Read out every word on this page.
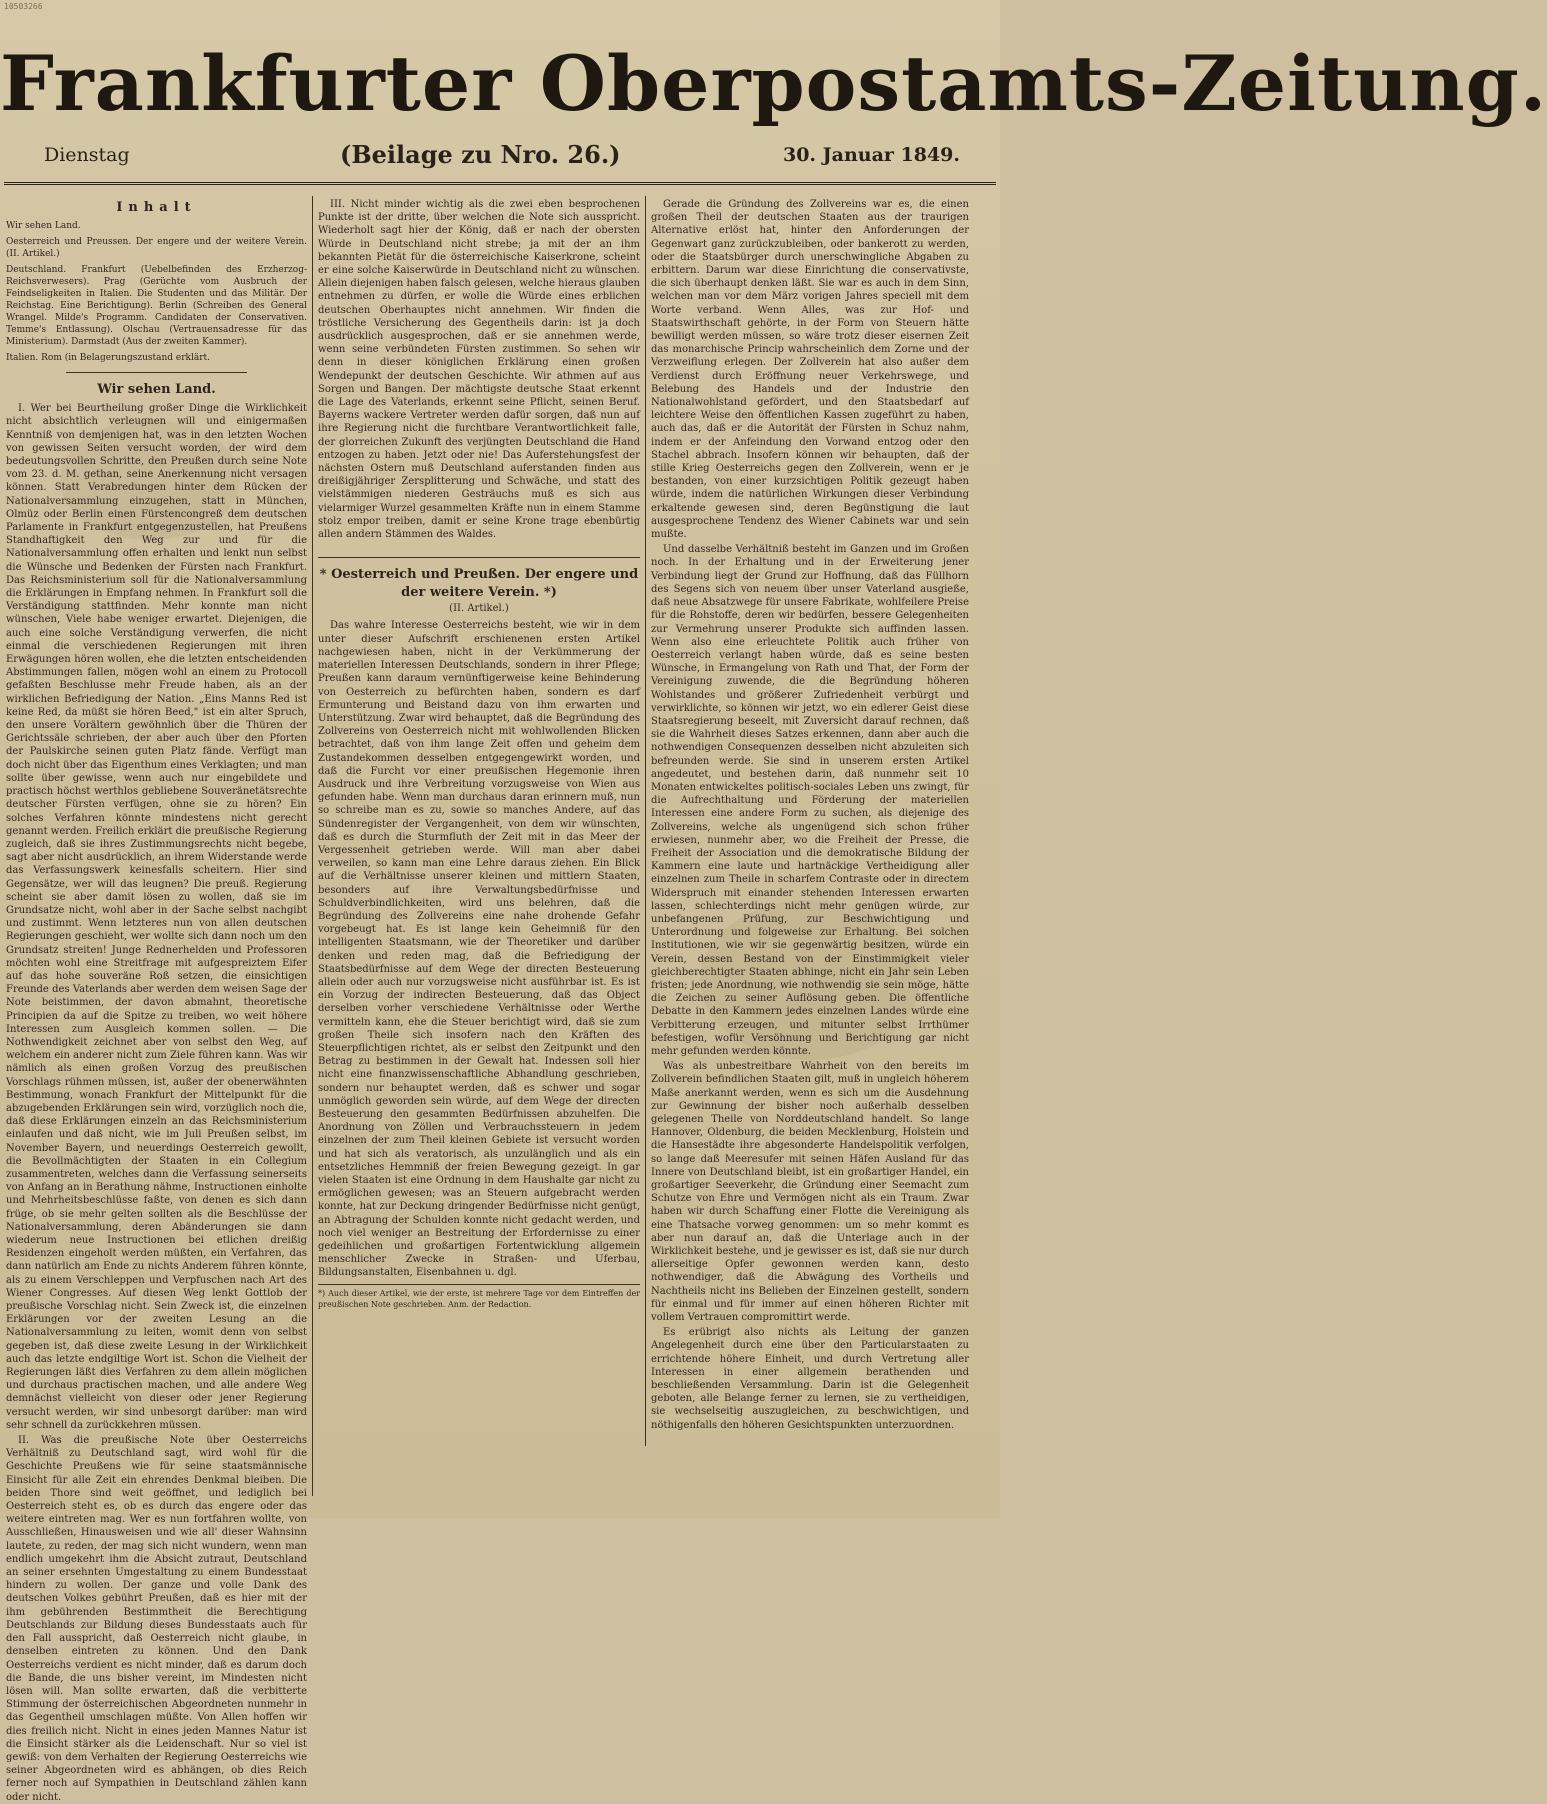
10503266
Frankfurter Oberpostamts-Zeitung.
Dienstag	(Beilage zu Nro. 26.)	30. Januar 1849.
Inhalt

Wir sehen Land.

Oesterreich und Preussen. Der engere und der weitere Verein. (II. Artikel.)

Deutschland. Frankfurt (Uebelbefinden des Erzherzog-Reichsverwesers). Prag (Gerüchte vom Ausbruch der Feindseligkeiten in Italien. Die Studenten und das Militär. Der Reichstag. Eine Berichtigung). Berlin (Schreiben des General Wrangel. Milde's Programm. Candidaten der Conservativen. Temme's Entlassung). Olschau (Vertrauensadresse für das Ministerium). Darmstadt (Aus der zweiten Kammer).

Italien. Rom (in Belagerungszustand erklärt.

Wir sehen Land.

I. Wer bei Beurtheilung großer Dinge die Wirklichkeit nicht absichtlich verleugnen will und einigermaßen Kenntniß von demjenigen hat, was in den letzten Wochen von gewissen Seiten versucht worden, der wird dem bedeutungsvollen Schritte, den Preußen durch seine Note vom 23. d. M. gethan, seine Anerkennung nicht versagen können. Statt Verabredungen hinter dem Rücken der Nationalversammlung einzugehen, statt in München, Olmüz oder Berlin einen Fürstencongreß dem deutschen Parlamente in Frankfurt entgegenzustellen, hat Preußens Standhaftigkeit den Weg zur und für die Nationalversammlung offen erhalten und lenkt nun selbst die Wünsche und Bedenken der Fürsten nach Frankfurt. Das Reichsministerium soll für die Nationalversammlung die Erklärungen in Empfang nehmen. In Frankfurt soll die Verständigung stattfinden. Mehr konnte man nicht wünschen, Viele habe weniger erwartet. Diejenigen, die auch eine solche Verständigung verwerfen, die nicht einmal die verschiedenen Regierungen mit ihren Erwägungen hören wollen, ehe die letzten entscheidenden Abstimmungen fallen, mögen wohl an einem zu Protocoll gefaßten Beschlusse mehr Freude haben, als an der wirklichen Befriedigung der Nation. „Eins Manns Red ist keine Red, da müßt sie hören Beed," ist ein alter Spruch, den unsere Vorältern gewöhnlich über die Thüren der Gerichtssäle schrieben, der aber auch über den Pforten der Paulskirche seinen guten Platz fände. Verfügt man doch nicht über das Eigenthum eines Verklagten; und man sollte über gewisse, wenn auch nur eingebildete und practisch höchst werthlos gebliebene Souveränetätsrechte deutscher Fürsten verfügen, ohne sie zu hören? Ein solches Verfahren könnte mindestens nicht gerecht genannt werden. Freilich erklärt die preußische Regierung zugleich, daß sie ihres Zustimmungsrechts nicht begebe, sagt aber nicht ausdrücklich, an ihrem Widerstande werde das Verfassungswerk keinesfalls scheitern. Hier sind Gegensätze, wer will das leugnen? Die preuß. Regierung scheint sie aber damit lösen zu wollen, daß sie im Grundsatze nicht, wohl aber in der Sache selbst nachgibt und zustimmt. Wenn letzteres nun von allen deutschen Regierungen geschieht, wer wollte sich dann noch um den Grundsatz streiten! Junge Rednerhelden und Professoren möchten wohl eine Streitfrage mit aufgespreiztem Eifer auf das hohe souveräne Roß setzen, die einsichtigen Freunde des Vaterlands aber werden dem weisen Sage der Note beistimmen, der davon abmahnt, theoretische Principien da auf die Spitze zu treiben, wo weit höhere Interessen zum Ausgleich kommen sollen. — Die Nothwendigkeit zeichnet aber von selbst den Weg, auf welchem ein anderer nicht zum Ziele führen kann. Was wir nämlich als einen großen Vorzug des preußischen Vorschlags rühmen müssen, ist, außer der obenerwähnten Bestimmung, wonach Frankfurt der Mittelpunkt für die abzugebenden Erklärungen sein wird, vorzüglich noch die, daß diese Erklärungen einzeln an das Reichsministerium einlaufen und daß nicht, wie im Juli Preußen selbst, im November Bayern, und neuerdings Oesterreich gewollt, die Bevollmächtigten der Staaten in ein Collegium zusammentreten, welches dann die Verfassung seinerseits von Anfang an in Berathung nähme, Instructionen einholte und Mehrheitsbeschlüsse faßte, von denen es sich dann früge, ob sie mehr gelten sollten als die Beschlüsse der Nationalversammlung, deren Abänderungen sie dann wiederum neue Instructionen bei etlichen dreißig Residenzen eingeholt werden müßten, ein Verfahren, das dann natürlich am Ende zu nichts Anderem führen könnte, als zu einem Verschleppen und Verpfuschen nach Art des Wiener Congresses. Auf diesen Weg lenkt Gottlob der preußische Vorschlag nicht. Sein Zweck ist, die einzelnen Erklärungen vor der zweiten Lesung an die Nationalversammlung zu leiten, womit denn von selbst gegeben ist, daß diese zweite Lesung in der Wirklichkeit auch das letzte endgiltige Wort ist. Schon die Vielheit der Regierungen läßt dies Verfahren zu dem allein möglichen und durchaus practischen machen, und alle andere Weg demnächst vielleicht von dieser oder jener Regierung versucht werden, wir sind unbesorgt darüber: man wird sehr schnell da zurückkehren müssen.

II. Was die preußische Note über Oesterreichs Verhältniß zu Deutschland sagt, wird wohl für die Geschichte Preußens wie für seine staatsmännische Einsicht für alle Zeit ein ehrendes Denkmal bleiben. Die beiden Thore sind weit geöffnet, und lediglich bei Oesterreich steht es, ob es durch das engere oder das weitere eintreten mag. Wer es nun fortfahren wollte, von Ausschließen, Hinausweisen und wie all' dieser Wahnsinn lautete, zu reden, der mag sich nicht wundern, wenn man endlich umgekehrt ihm die Absicht zutraut, Deutschland an seiner ersehnten Umgestaltung zu einem Bundesstaat hindern zu wollen. Der ganze und volle Dank des deutschen Volkes gebührt Preußen, daß es hier mit der ihm gebührenden Bestimmtheit die Berechtigung Deutschlands zur Bildung dieses Bundesstaats auch für den Fall ausspricht, daß Oesterreich nicht glaube, in denselben eintreten zu können. Und den Dank Oesterreichs verdient es nicht minder, daß es darum doch die Bande, die uns bisher vereint, im Mindesten nicht lösen will. Man sollte erwarten, daß die verbitterte Stimmung der österreichischen Abgeordneten nunmehr in das Gegentheil umschlagen müßte. Von Allen hoffen wir dies freilich nicht. Nicht in eines jeden Mannes Natur ist die Einsicht stärker als die Leidenschaft. Nur so viel ist gewiß: von dem Verhalten der Regierung Oesterreichs wie seiner Abgeordneten wird es abhängen, ob dies Reich ferner noch auf Sympathien in Deutschland zählen kann oder nicht.

III. Nicht minder wichtig als die zwei eben besprochenen Punkte ist der dritte, über welchen die Note sich ausspricht. Wiederholt sagt hier der König, daß er nach der obersten Würde in Deutschland nicht strebe; ja mit der an ihm bekannten Pietät für die österreichische Kaiserkrone, scheint er eine solche Kaiserwürde in Deutschland nicht zu wünschen. Allein diejenigen haben falsch gelesen, welche hieraus glauben entnehmen zu dürfen, er wolle die Würde eines erblichen deutschen Oberhauptes nicht annehmen. Wir finden die tröstliche Versicherung des Gegentheils darin: ist ja doch ausdrücklich ausgesprochen, daß er sie annehmen werde, wenn seine verbündeten Fürsten zustimmen. So sehen wir denn in dieser königlichen Erklärung einen großen Wendepunkt der deutschen Geschichte. Wir athmen auf aus Sorgen und Bangen. Der mächtigste deutsche Staat erkennt die Lage des Vaterlands, erkennt seine Pflicht, seinen Beruf. Bayerns wackere Vertreter werden dafür sorgen, daß nun auf ihre Regierung nicht die furchtbare Verantwortlichkeit falle, der glorreichen Zukunft des verjüngten Deutschland die Hand entzogen zu haben. Jetzt oder nie! Das Auferstehungsfest der nächsten Ostern muß Deutschland auferstanden finden aus dreißigjähriger Zersplitterung und Schwäche, und statt des vielstämmigen niederen Gesträuchs muß es sich aus vielarmiger Wurzel gesammelten Kräfte nun in einem Stamme stolz empor treiben, damit er seine Krone trage ebenbürtig allen andern Stämmen des Waldes.

* Oesterreich und Preußen. Der engere und der weitere Verein. *)
(II. Artikel.)

Das wahre Interesse Oesterreichs besteht, wie wir in dem unter dieser Aufschrift erschienenen ersten Artikel nachgewiesen haben, nicht in der Verkümmerung der materiellen Interessen Deutschlands, sondern in ihrer Pflege; Preußen kann daraum vernünftigerweise keine Behinderung von Oesterreich zu befürchten haben, sondern es darf Ermunterung und Beistand dazu von ihm erwarten und Unterstützung. Zwar wird behauptet, daß die Begründung des Zollvereins von Oesterreich nicht mit wohlwollenden Blicken betrachtet, daß von ihm lange Zeit offen und geheim dem Zustandekommen desselben entgegengewirkt worden, und daß die Furcht vor einer preußischen Hegemonie ihren Ausdruck und ihre Verbreitung vorzugsweise von Wien aus gefunden habe. Wenn man durchaus daran erinnern muß, nun so schreibe man es zu, sowie so manches Andere, auf das Sündenregister der Vergangenheit, von dem wir wünschten, daß es durch die Sturmfluth der Zeit mit in das Meer der Vergessenheit getrieben werde. Will man aber dabei verweilen, so kann man eine Lehre daraus ziehen. Ein Blick auf die Verhältnisse unserer kleinen und mittlern Staaten, besonders auf ihre Verwaltungsbedürfnisse und Schuldverbindlichkeiten, wird uns belehren, daß die Begründung des Zollvereins eine nahe drohende Gefahr vorgebeugt hat. Es ist lange kein Geheimniß für den intelligenten Staatsmann, wie der Theoretiker und darüber denken und reden mag, daß die Befriedigung der Staatsbedürfnisse auf dem Wege der directen Besteuerung allein oder auch nur vorzugsweise nicht ausführbar ist. Es ist ein Vorzug der indirecten Besteuerung, daß das Object derselben vorher verschiedene Verhältnisse oder Werthe vermitteln kann, ehe die Steuer berichtigt wird, daß sie zum großen Theile sich insofern nach den Kräften des Steuerpflichtigen richtet, als er selbst den Zeitpunkt und den Betrag zu bestimmen in der Gewalt hat. Indessen soll hier nicht eine finanzwissenschaftliche Abhandlung geschrieben, sondern nur behauptet werden, daß es schwer und sogar unmöglich geworden sein würde, auf dem Wege der directen Besteuerung den gesammten Bedürfnissen abzuhelfen. Die Anordnung von Zöllen und Verbrauchssteuern in jedem einzelnen der zum Theil kleinen Gebiete ist versucht worden und hat sich als veratorisch, als unzulänglich und als ein entsetzliches Hemmniß der freien Bewegung gezeigt. In gar vielen Staaten ist eine Ordnung in dem Haushalte gar nicht zu ermöglichen gewesen; was an Steuern aufgebracht werden konnte, hat zur Deckung dringender Bedürfnisse nicht genügt, an Abtragung der Schulden konnte nicht gedacht werden, und noch viel weniger an Bestreitung der Erfordernisse zu einer gedeihlichen und großartigen Fortentwicklung allgemein menschlicher Zwecke in Straßen- und Uferbau, Bildungsanstalten, Eisenbahnen u. dgl.

*) Auch dieser Artikel, wie der erste, ist mehrere Tage vor dem Eintreffen der preußischen Note geschrieben. Anm. der Redaction.

Gerade die Gründung des Zollvereins war es, die einen großen Theil der deutschen Staaten aus der traurigen Alternative erlöst hat, hinter den Anforderungen der Gegenwart ganz zurückzubleiben, oder bankerott zu werden, oder die Staatsbürger durch unerschwingliche Abgaben zu erbittern. Darum war diese Einrichtung die conservativste, die sich überhaupt denken läßt. Sie war es auch in dem Sinn, welchen man vor dem März vorigen Jahres speciell mit dem Worte verband. Wenn Alles, was zur Hof- und Staatswirthschaft gehörte, in der Form von Steuern hätte bewilligt werden müssen, so wäre trotz dieser eisernen Zeit das monarchische Princip wahrscheinlich dem Zorne und der Verzweiflung erlegen. Der Zollverein hat also außer dem Verdienst durch Eröffnung neuer Verkehrswege, und Belebung des Handels und der Industrie den Nationalwohlstand gefördert, und den Staatsbedarf auf leichtere Weise den öffentlichen Kassen zugeführt zu haben, auch das, daß er die Autorität der Fürsten in Schuz nahm, indem er der Anfeindung den Vorwand entzog oder den Stachel abbrach. Insofern können wir behaupten, daß der stille Krieg Oesterreichs gegen den Zollverein, wenn er je bestanden, von einer kurzsichtigen Politik gezeugt haben würde, indem die natürlichen Wirkungen dieser Verbindung erkaltende gewesen sind, deren Begünstigung die laut ausgesprochene Tendenz des Wiener Cabinets war und sein mußte.

Und dasselbe Verhältniß besteht im Ganzen und im Großen noch. In der Erhaltung und in der Erweiterung jener Verbindung liegt der Grund zur Hoffnung, daß das Füllhorn des Segens sich von neuem über unser Vaterland ausgieße, daß neue Absatzwege für unsere Fabrikate, wohlfeilere Preise für die Rohstoffe, deren wir bedürfen, bessere Gelegenheiten zur Vermehrung unserer Produkte sich auffinden lassen. Wenn also eine erleuchtete Politik auch früher von Oesterreich verlangt haben würde, daß es seine besten Wünsche, in Ermangelung von Rath und That, der Form der Vereinigung zuwende, die die Begründung höheren Wohlstandes und größerer Zufriedenheit verbürgt und verwirklichte, so können wir jetzt, wo ein edlerer Geist diese Staatsregierung beseelt, mit Zuversicht darauf rechnen, daß sie die Wahrheit dieses Satzes erkennen, dann aber auch die nothwendigen Consequenzen desselben nicht abzuleiten sich befreunden werde. Sie sind in unserem ersten Artikel angedeutet, und bestehen darin, daß nunmehr seit 10 Monaten entwickeltes politisch-sociales Leben uns zwingt, für die Aufrechthaltung und Förderung der materiellen Interessen eine andere Form zu suchen, als diejenige des Zollvereins, welche als ungenügend sich schon früher erwiesen, nunmehr aber, wo die Freiheit der Presse, die Freiheit der Association und die demokratische Bildung der Kammern eine laute und hartnäckige Vertheidigung aller einzelnen zum Theile in scharfem Contraste oder in directem Widerspruch mit einander stehenden Interessen erwarten lassen, schlechterdings nicht mehr genügen würde, zur unbefangenen Prüfung, zur Beschwichtigung und Unterordnung und folgeweise zur Erhaltung. Bei solchen Institutionen, wie wir sie gegenwärtig besitzen, würde ein Verein, dessen Bestand von der Einstimmigkeit vieler gleichberechtigter Staaten abhinge, nicht ein Jahr sein Leben fristen; jede Anordnung, wie nothwendig sie sein möge, hätte die Zeichen zu seiner Auflösung geben. Die öffentliche Debatte in den Kammern jedes einzelnen Landes würde eine Verbitterung erzeugen, und mitunter selbst Irrthümer befestigen, wofür Versöhnung und Berichtigung gar nicht mehr gefunden werden könnte.

Was als unbestreitbare Wahrheit von den bereits im Zollverein befindlichen Staaten gilt, muß in ungleich höherem Maße anerkannt werden, wenn es sich um die Ausdehnung zur Gewinnung der bisher noch außerhalb desselben gelegenen Theile von Norddeutschland handelt. So lange Hannover, Oldenburg, die beiden Mecklenburg, Holstein und die Hansestädte ihre abgesonderte Handelspolitik verfolgen, so lange daß Meeresufer mit seinen Häfen Ausland für das Innere von Deutschland bleibt, ist ein großartiger Handel, ein großartiger Seeverkehr, die Gründung einer Seemacht zum Schutze von Ehre und Vermögen nicht als ein Traum. Zwar haben wir durch Schaffung einer Flotte die Vereinigung als eine Thatsache vorweg genommen: um so mehr kommt es aber nun darauf an, daß die Unterlage auch in der Wirklichkeit bestehe, und je gewisser es ist, daß sie nur durch allerseitige Opfer gewonnen werden kann, desto nothwendiger, daß die Abwägung des Vortheils und Nachtheils nicht ins Belieben der Einzelnen gestellt, sondern für einmal und für immer auf einen höheren Richter mit vollem Vertrauen compromittirt werde.

Es erübrigt also nichts als Leitung der ganzen Angelegenheit durch eine über den Particularstaaten zu errichtende höhere Einheit, und durch Vertretung aller Interessen in einer allgemein berathenden und beschließenden Versammlung. Darin ist die Gelegenheit geboten, alle Belange ferner zu lernen, sie zu vertheidigen, sie wechselseitig auszugleichen, zu beschwichtigen, und nöthigenfalls den höheren Gesichtspunkten unterzuordnen.
